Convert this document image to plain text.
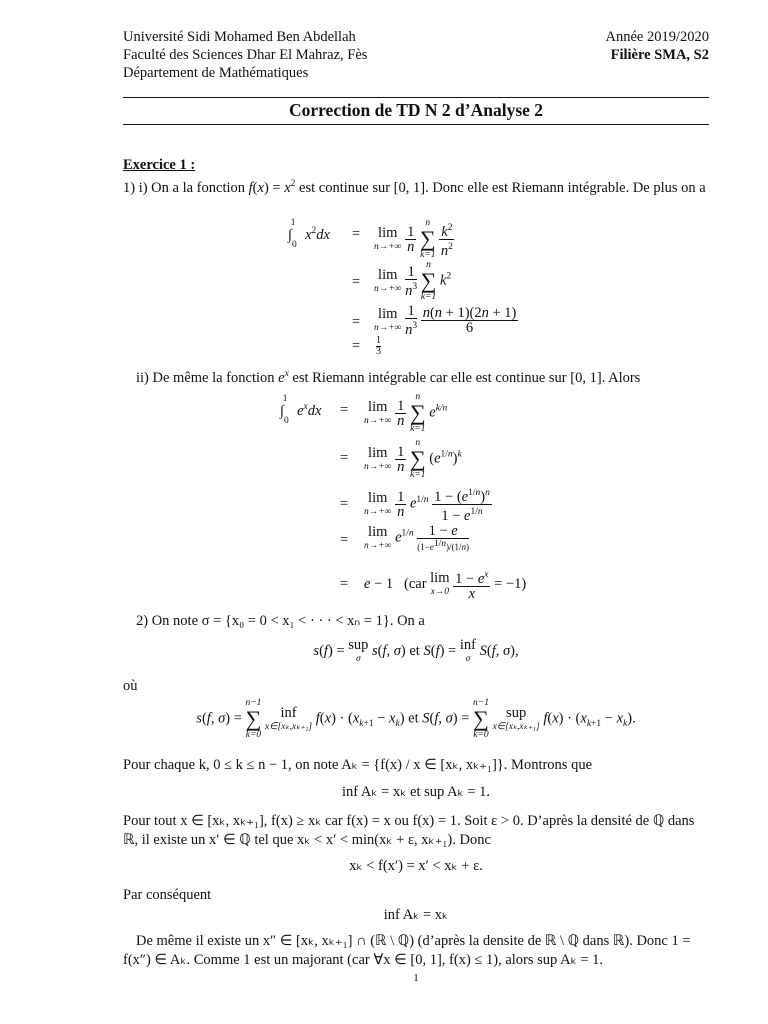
Université Sidi Mohamed Ben Abdellah
Faculté des Sciences Dhar El Mahraz, Fès
Département de Mathématiques
Année 2019/2020
Filière SMA, S2
Correction de TD N 2 d’Analyse 2
Exercice 1 :
1) i) On a la fonction $f(x) = x^2$ est continue sur [0, 1]. Donc elle est Riemann intégrable. De plus on a
$\int_0^1$ $x^2dx = \lim$
n→+∞
$\frac{1}{n}$

n
∑
k=1
$\frac{k^2}{n^2}$
= lim
n→+∞
$\frac{1}{n^3}$
n
∑
k=1
$k^2$
=
lim
n→+∞
$\frac{1}{n^3}$
$\frac{n(n + 1)(2n + 1)}{6}$
= 1
3
ii) De même la fonction $e^x$ est Riemann intégrable car elle est continue sur [0, 1]. Alors
$\int_0^1$ $e^xdx = \lim$
n→+∞
$\frac{1}{n}$

n
∑
k=1
$e^{k/n}$
= lim
n→+∞
$\frac{1}{n}$

n
∑
k=1
$(e^{1/n})^k$
= lim
n→+∞
$\frac{1}{n} e^{1/n} \frac{1 - (e^{1/n})^n}{1 - e^{1/n}}$
=
lim
n→+∞
$e^{1/n} \frac{1 - e}{(1-e^{1/n})/(1/n)}$
= e − 1   (car lim
x→0
$\frac{1 - e^x}{x} = -1$)
2) On note σ = {x₀ = 0 < x₁ < · · · < xₙ = 1}. On a
s(f) = sup
σ
s(f, σ) et S(f) = inf
σ
S(f, σ),
où
s(f, σ) =
n−1
∑
k=0

inf
x∈[xₖ,xₖ₊₁]
$f(x) \cdot (x_{k+1} - x_k)$ et S(f, σ) =
n−1
∑
k=0

sup
x∈[xₖ,xₖ₊₁]
$f(x) \cdot (x_{k+1} - x_k)$.
Pour chaque k, 0 ≤ k ≤ n − 1, on note Aₖ = {f(x) / x ∈ [xₖ, xₖ₊₁]}. Montrons que
inf Aₖ = xₖ et sup Aₖ = 1.
Pour tout x ∈ [xₖ, xₖ₊₁], f(x) ≥ xₖ car f(x) = x ou f(x) = 1. Soit ε > 0. D’après la densité de ℚ dans ℝ, il existe un x′ ∈ ℚ tel que xₖ < x′ < min(xₖ + ε, xₖ₊₁). Donc
xₖ < f(x′) = x′ < xₖ + ε.
Par conséquent
inf Aₖ = xₖ
De même il existe un x″ ∈ [xₖ, xₖ₊₁] ∩ (ℝ \ ℚ) (d’après la densite de ℝ \ ℚ dans ℝ). Donc 1 = f(x″) ∈ Aₖ. Comme 1 est un majorant (car ∀x ∈ [0, 1], f(x) ≤ 1), alors sup Aₖ = 1.
1
